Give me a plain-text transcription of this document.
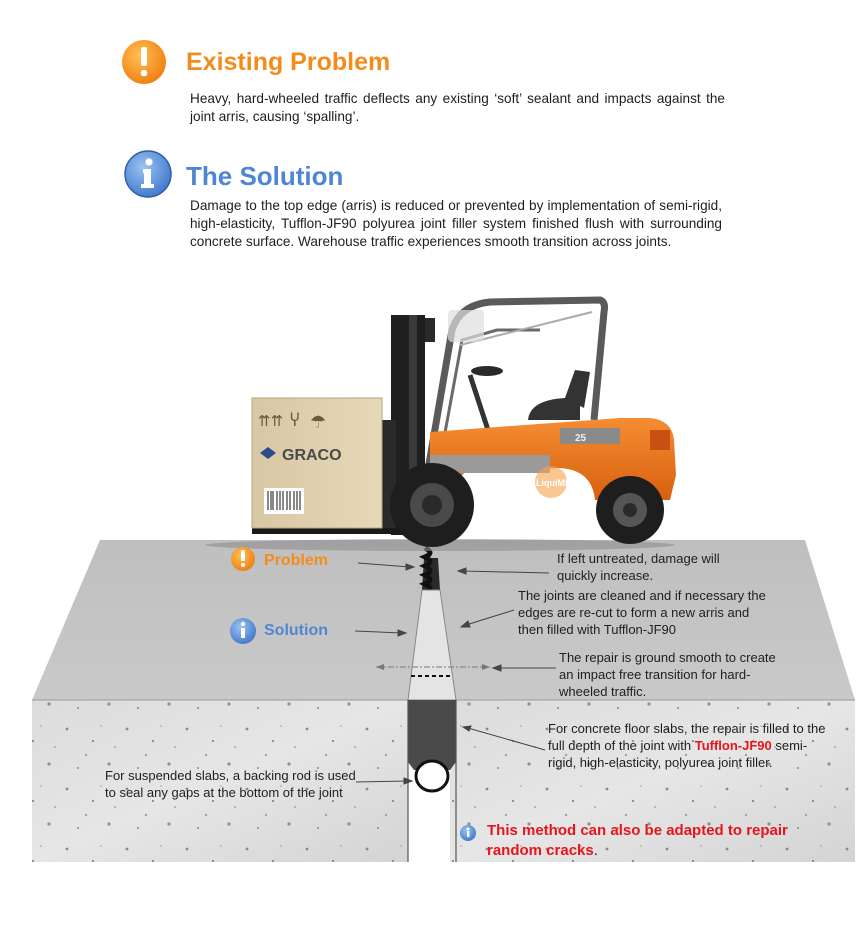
Existing Problem
Heavy, hard-wheeled traffic deflects any existing ‘soft’ sealant and impacts against the joint arris, causing ‘spalling’.
The Solution
Damage to the top edge (arris) is reduced or prevented by implementation of semi-rigid, high-elasticity, Tufflon-JF90 polyurea joint filler system finished flush with surrounding concrete surface. Warehouse traffic experiences smooth transition across joints.
⇈⇈ Ⴤ ☂
GRACO
25
LiquiMIX
Problem
Solution
If left untreated, damage will quickly increase.
The joints are cleaned and if necessary the edges are re-cut to form a new arris and then filled with Tufflon-JF90
The repair is ground smooth to create an impact free transition for hard-wheeled traffic.
For concrete floor slabs, the repair is filled to the full depth of the joint with Tufflon-JF90 semi-rigid, high-elasticity, polyurea joint filler.
For suspended slabs, a backing rod is used to seal any gaps at the bottom of the joint
This method can also be adapted to repair random cracks.
